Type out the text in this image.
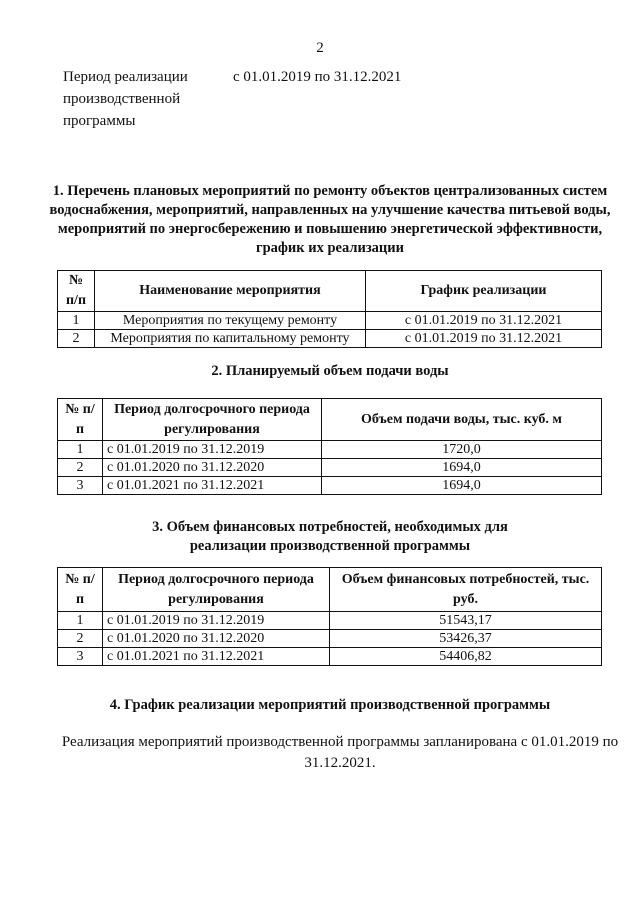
2
Период реализации производственной программы
с 01.01.2019 по 31.12.2021
1. Перечень плановых мероприятий по ремонту объектов централизованных систем водоснабжения, мероприятий, направленных на улучшение качества питьевой воды, мероприятий по энергосбережению и повышению энергетической эффективности, график их реализации
№ п/п	Наименование мероприятия	График реализации
1	Мероприятия по текущему ремонту	с 01.01.2019 по 31.12.2021
2	Мероприятия по капитальному ремонту	с 01.01.2019 по 31.12.2021
2. Планируемый объем подачи воды
№ п/п	Период долгосрочного периода регулирования	Объем подачи воды, тыс. куб. м
1	с 01.01.2019 по 31.12.2019	1720,0
2	с 01.01.2020 по 31.12.2020	1694,0
3	с 01.01.2021 по 31.12.2021	1694,0
3. Объем финансовых потребностей, необходимых для реализации производственной программы
№ п/п	Период долгосрочного периода регулирования	Объем финансовых потребностей, тыс. руб.
1	с 01.01.2019 по 31.12.2019	51543,17
2	с 01.01.2020 по 31.12.2020	53426,37
3	с 01.01.2021 по 31.12.2021	54406,82
4. График реализации мероприятий производственной программы
Реализация мероприятий производственной программы запланирована с 01.01.2019 по 31.12.2021.
